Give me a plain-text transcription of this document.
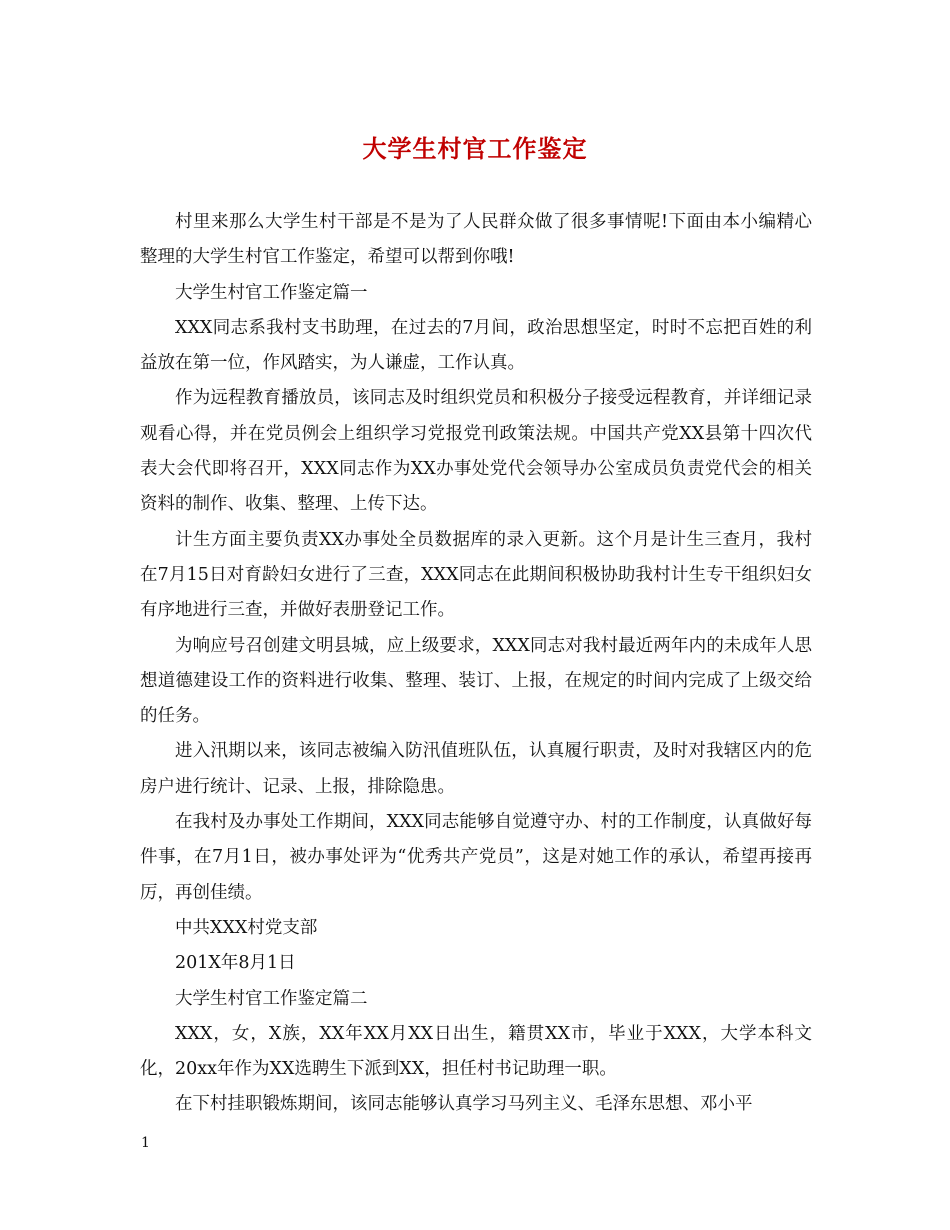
大学生村官工作鉴定

村里来那么大学生村干部是不是为了人民群众做了很多事情呢!下面由本小编精心整理的大学生村官工作鉴定，希望可以帮到你哦!

大学生村官工作鉴定篇一

XXX同志系我村支书助理，在过去的7月间，政治思想坚定，时时不忘把百姓的利益放在第一位，作风踏实，为人谦虚，工作认真。

作为远程教育播放员，该同志及时组织党员和积极分子接受远程教育，并详细记录观看心得，并在党员例会上组织学习党报党刊政策法规。中国共产党XX县第十四次代表大会代即将召开，XXX同志作为XX办事处党代会领导办公室成员负责党代会的相关资料的制作、收集、整理、上传下达。

计生方面主要负责XX办事处全员数据库的录入更新。这个月是计生三查月，我村在7月15日对育龄妇女进行了三查，XXX同志在此期间积极协助我村计生专干组织妇女有序地进行三查，并做好表册登记工作。

为响应号召创建文明县城，应上级要求，XXX同志对我村最近两年内的未成年人思想道德建设工作的资料进行收集、整理、装订、上报，在规定的时间内完成了上级交给的任务。

进入汛期以来，该同志被编入防汛值班队伍，认真履行职责，及时对我辖区内的危房户进行统计、记录、上报，排除隐患。

在我村及办事处工作期间，XXX同志能够自觉遵守办、村的工作制度，认真做好每件事，在7月1日，被办事处评为“优秀共产党员”，这是对她工作的承认，希望再接再厉，再创佳绩。

中共XXX村党支部

201X年8月1日

大学生村官工作鉴定篇二

XXX，女，X族，XX年XX月XX日出生，籍贯XX市，毕业于XXX，大学本科文化，20xx年作为XX选聘生下派到XX，担任村书记助理一职。

在下村挂职锻炼期间，该同志能够认真学习马列主义、毛泽东思想、邓小平

1
